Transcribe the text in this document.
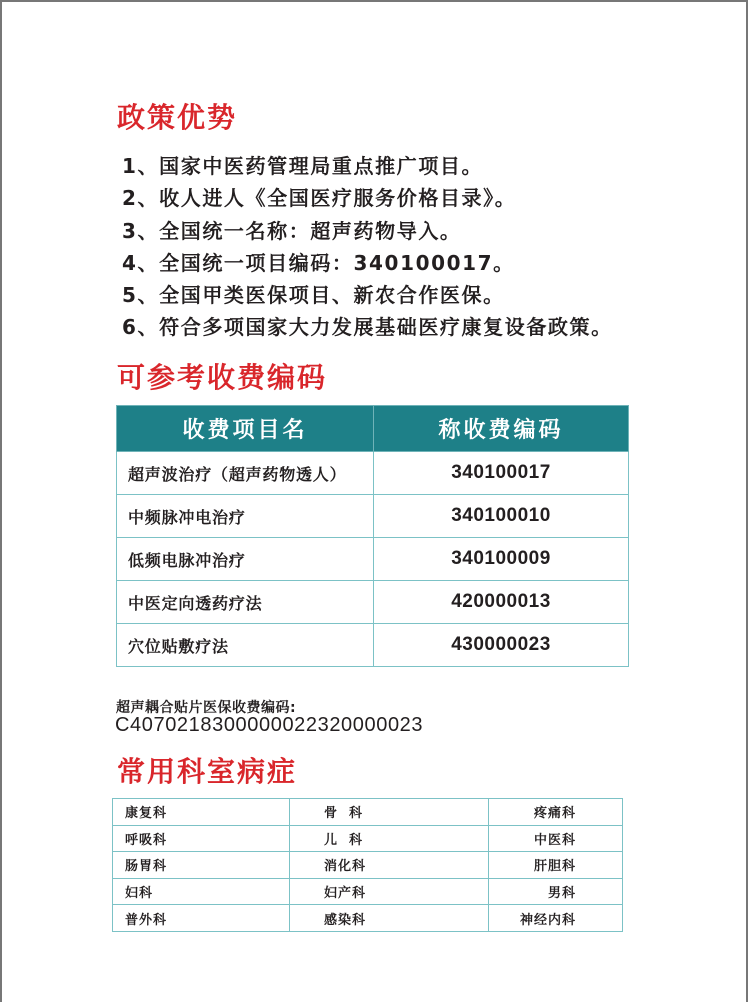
政策优势
1、国家中医药管理局重点推广项目。
2、收人进人《全国医疗服务价格目录》。
3、全国统一名称：超声药物导入。
4、全国统一项目编码：340100017。
5、全国甲类医保项目、新农合作医保。
6、符合多项国家大力发展基础医疗康复设备政策。
可参考收费编码
收费项目名	称收费编码
超声波治疗（超声药物透人）	340100017
中频脉冲电治疗	340100010
低频电脉冲治疗	340100009
中医定向透药疗法	420000013
穴位贴敷疗法	430000023
超声耦合贴片医保收费编码:
C4070218300000022320000023
常用科室病症
康复科	骨  科	疼痛科
呼吸科	儿  科	中医科
肠胃科	消化科	肝胆科
妇科	妇产科	男科
普外科	感染科	神经内科
